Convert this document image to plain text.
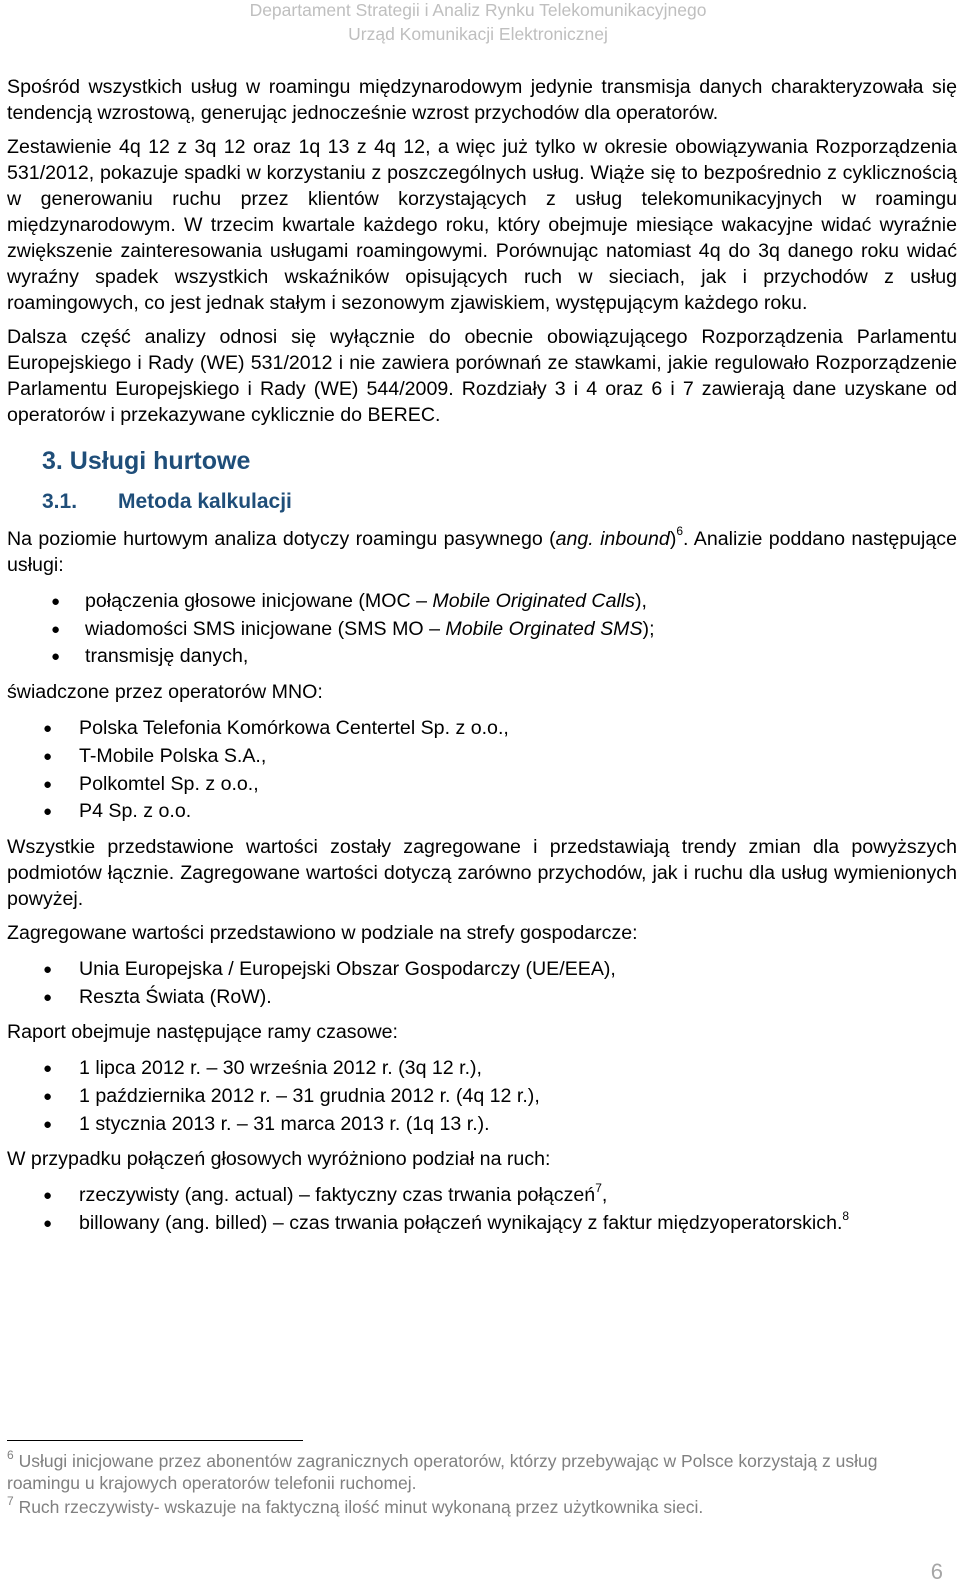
Departament Strategii i Analiz Rynku Telekomunikacyjnego
Urząd Komunikacji Elektronicznej

Spośród wszystkich usług w roamingu międzynarodowym jedynie transmisja danych charakteryzowała się tendencją wzrostową, generując jednocześnie wzrost przychodów dla operatorów.

Zestawienie 4q 12 z 3q 12 oraz 1q 13 z 4q 12, a więc już tylko w okresie obowiązywania Rozporządzenia 531/2012, pokazuje spadki w korzystaniu z poszczególnych usług. Wiąże się to bezpośrednio z cyklicznością w generowaniu ruchu przez klientów korzystających z usług telekomunikacyjnych w roamingu międzynarodowym. W trzecim kwartale każdego roku, który obejmuje miesiące wakacyjne widać wyraźnie zwiększenie zainteresowania usługami roamingowymi. Porównując natomiast 4q do 3q danego roku widać wyraźny spadek wszystkich wskaźników opisujących ruch w sieciach, jak i przychodów z usług roamingowych, co jest jednak stałym i sezonowym zjawiskiem, występującym każdego roku.

Dalsza część analizy odnosi się wyłącznie do obecnie obowiązującego Rozporządzenia Parlamentu Europejskiego i Rady (WE) 531/2012 i nie zawiera porównań ze stawkami, jakie regulowało Rozporządzenie Parlamentu Europejskiego i Rady (WE) 544/2009. Rozdziały 3 i 4 oraz 6 i 7 zawierają dane uzyskane od operatorów i przekazywane cyklicznie do BEREC.

3. Usługi hurtowe
3.1. Metoda kalkulacji

Na poziomie hurtowym analiza dotyczy roamingu pasywnego (ang. inbound)$^6$. Analizie poddano następujące usługi:

● połączenia głosowe inicjowane (MOC – Mobile Originated Calls),
● wiadomości SMS inicjowane (SMS MO – Mobile Orginated SMS);
● transmisję danych,

świadczone przez operatorów MNO:

● Polska Telefonia Komórkowa Centertel Sp. z o.o.,
● T-Mobile Polska S.A.,
● Polkomtel Sp. z o.o.,
● P4 Sp. z o.o.

Wszystkie przedstawione wartości zostały zagregowane i przedstawiają trendy zmian dla powyższych podmiotów łącznie. Zagregowane wartości dotyczą zarówno przychodów, jak i ruchu dla usług wymienionych powyżej.

Zagregowane wartości przedstawiono w podziale na strefy gospodarcze:

● Unia Europejska / Europejski Obszar Gospodarczy (UE/EEA),
● Reszta Świata (RoW).

Raport obejmuje następujące ramy czasowe:

● 1 lipca 2012 r. – 30 września 2012 r. (3q 12 r.),
● 1 października 2012 r. – 31 grudnia 2012 r. (4q 12 r.),
● 1 stycznia 2013 r. – 31 marca 2013 r. (1q 13 r.).

W przypadku połączeń głosowych wyróżniono podział na ruch:

● rzeczywisty (ang. actual) – faktyczny czas trwania połączeń$^7$,
● billowany (ang. billed) – czas trwania połączeń wynikający z faktur międzyoperatorskich.$^8$
$^6$ Usługi inicjowane przez abonentów zagranicznych operatorów, którzy przebywając w Polsce korzystają z usług roamingu u krajowych operatorów telefonii ruchomej.
$^7$ Ruch rzeczywisty- wskazuje na faktyczną ilość minut wykonaną przez użytkownika sieci.
6
